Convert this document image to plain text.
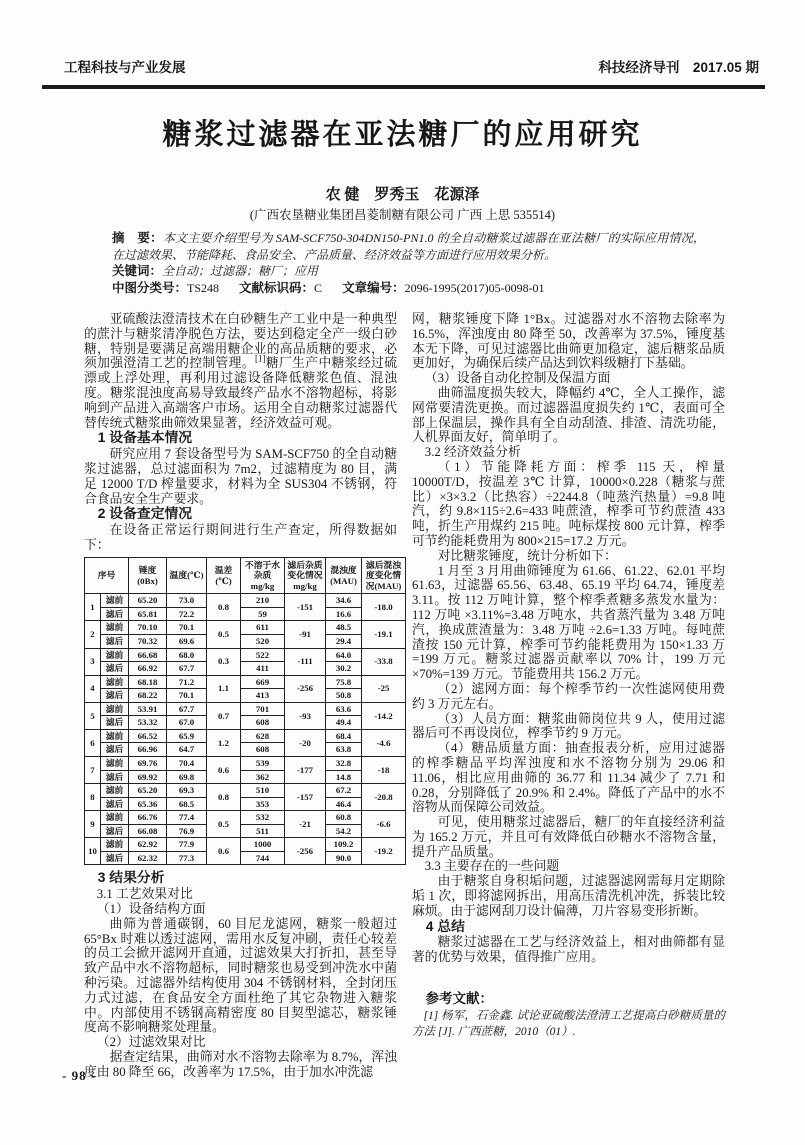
工程科技与产业发展	科技经济导刊　2017.05 期
糖浆过滤器在亚法糖厂的应用研究
农 健　罗秀玉　花源泽
(广西农垦糖业集团昌菱制糖有限公司 广西 上思 535514)
摘　要：本文主要介绍型号为 SAM-SCF750-304DN150-PN1.0 的全自动糖浆过滤器在亚法糖厂的实际应用情况，在过滤效果、节能降耗、食品安全、产品质量、经济效益等方面进行应用效果分析。
关键词：全自动；过滤器；糖厂；应用
中图分类号：TS248 文献标识码：C 文章编号：2096-1995(2017)05-0098-01
亚硫酸法澄清技术在白砂糖生产工业中是一种典型的蔗汁与糖浆清净脱色方法，要达到稳定全产一级白砂糖，特别是要满足高端用糖企业的高品质糖的要求，必须加强澄清工艺的控制管理。[1]糖厂生产中糖浆经过硫漂或上浮处理，再利用过滤设备降低糖浆色值、混浊度。糖浆混浊度高易导致最终产品水不溶物超标，将影响到产品进入高端客户市场。运用全自动糖浆过滤器代替传统式糖浆曲筛效果显著，经济效益可观。
1 设备基本情况
研究应用 7 套设备型号为 SAM-SCF750 的全自动糖浆过滤器，总过滤面积为 7m2，过滤精度为 80 目，满足 12000 T/D 榨量要求，材料为全 SUS304 不锈钢，符合食品安全生产要求。
2 设备查定情况
在设备正常运行期间进行生产查定，所得数据如下：
序号		锤度(0Bx)	温度(℃)	温差(℃)	不溶于水杂质mg/kg	滤后杂质变化情况mg/kg	混浊度(MAU)	滤后混浊度变化情况(MAU)
1	滤前	65.20	73.0	0.8	210	-151	34.6	-18.0
	滤后	65.81	72.2		59		16.6	
2	滤前	70.10	70.1	0.5	611	-91	48.5	-19.1
	滤后	70.32	69.6		520		29.4	
3	滤前	66.68	68.0	0.3	522	-111	64.0	-33.8
	滤后	66.92	67.7		411		30.2	
4	滤前	68.18	71.2	1.1	669	-256	75.8	-25
	滤后	68.22	70.1		413		50.8	
5	滤前	53.91	67.7	0.7	701	-93	63.6	-14.2
	滤后	53.32	67.0		608		49.4	
6	滤前	66.52	65.9	1.2	628	-20	68.4	-4.6
	滤后	66.96	64.7		608		63.8	
7	滤前	69.76	70.4	0.6	539	-177	32.8	-18
	滤后	69.92	69.8		362		14.8	
8	滤前	65.20	69.3	0.8	510	-157	67.2	-20.8
	滤后	65.36	68.5		353		46.4	
9	滤前	66.76	77.4	0.5	532	-21	60.8	-6.6
	滤后	66.08	76.9		511		54.2	
10	滤前	62.92	77.9	0.6	1000	-256	109.2	-19.2
	滤后	62.32	77.3		744		90.0	
3 结果分析
3.1 工艺效果对比
（1）设备结构方面
曲筛为普通碳钢，60 目尼龙滤网，糖浆一般超过 65°Bx 时难以透过滤网，需用水反复冲刷，责任心较差的员工会掀开滤网开直通，过滤效果大打折扣，甚至导致产品中水不溶物超标，同时糖浆也易受到冲洗水中菌种污染。过滤器外结构使用 304 不锈钢材料，全封闭压力式过滤，在食品安全方面杜绝了其它杂物进入糖浆中。内部使用不锈钢高精密度 80 目契型滤芯，糖浆锤度高不影响糖浆处理量。
（2）过滤效果对比
据查定结果，曲筛对水不溶物去除率为 8.7%，浑浊度由 80 降至 66，改善率为 17.5%，由于加水冲洗滤
网，糖浆锤度下降 1°Bx。过滤器对水不溶物去除率为 16.5%，浑浊度由 80 降至 50，改善率为 37.5%，锤度基本无下降，可见过滤器比曲筛更加稳定，滤后糖浆品质更加好，为确保后续产品达到饮料级糖打下基础。
（3）设备自动化控制及保温方面
曲筛温度损失较大，降幅约 4℃，全人工操作，滤网常要清洗更换。而过滤器温度损失约 1℃，表面可全部上保温层，操作具有全自动刮渣、排渣、清洗功能，人机界面友好，简单明了。
3.2 经济效益分析
（1）节能降耗方面：榨季 115 天，榨量 10000T/D，按温差 3℃ 计算，10000×0.228（糖浆与蔗比）×3×3.2（比热容）÷2244.8（吨蒸汽热量）=9.8 吨汽，约 9.8×115÷2.6=433 吨蔗渣，榨季可节约蔗渣 433 吨，折生产用煤约 215 吨。吨标煤按 800 元计算，榨季可节约能耗费用为 800×215=17.2 万元。
对比糖浆锤度，统计分析如下：
1 月至 3 月用曲筛锤度为 61.66、61.22、62.01 平均 61.63，过滤器 65.56、63.48、65.19 平均 64.74，锤度差 3.11。按 112 万吨计算，整个榨季煮糖多蒸发水量为：112 万吨 ×3.11%=3.48 万吨水，共省蒸汽量为 3.48 万吨汽，换成蔗渣量为：3.48 万吨 ÷2.6=1.33 万吨。每吨蔗渣按 150 元计算，榨季可节约能耗费用为 150×1.33 万 =199 万元。糖浆过滤器贡献率以 70% 计，199 万元 ×70%=139 万元。节能费用共 156.2 万元。
（2）滤网方面：每个榨季节约一次性滤网使用费约 3 万元左右。
（3）人员方面：糖浆曲筛岗位共 9 人，使用过滤器后可不再设岗位，榨季节约 9 万元。
（4）糖品质量方面：抽查报表分析，应用过滤器的榨季糖品平均浑浊度和水不溶物分别为 29.06 和 11.06，相比应用曲筛的 36.77 和 11.34 减少了 7.71 和 0.28，分别降低了 20.9% 和 2.4%。降低了产品中的水不溶物从而保障公司效益。
可见，使用糖浆过滤器后，糖厂的年直接经济利益为 165.2 万元，并且可有效降低白砂糖水不溶物含量，提升产品质量。
3.3 主要存在的一些问题
由于糖浆自身积垢问题，过滤器滤网需每月定期除垢 1 次，即将滤网拆出，用高压清洗机冲洗，拆装比较麻烦。由于滤网刮刀设计偏薄，刀片容易变形折断。
4 总结
糖浆过滤器在工艺与经济效益上，相对曲筛都有显著的优势与效果，值得推广应用。
参考文献：
[1] 杨军，石金鑫. 试论亚硫酸法澄清工艺提高白砂糖质量的方法 [J]. 广西蔗糖，2010（01）.
- 98 -
